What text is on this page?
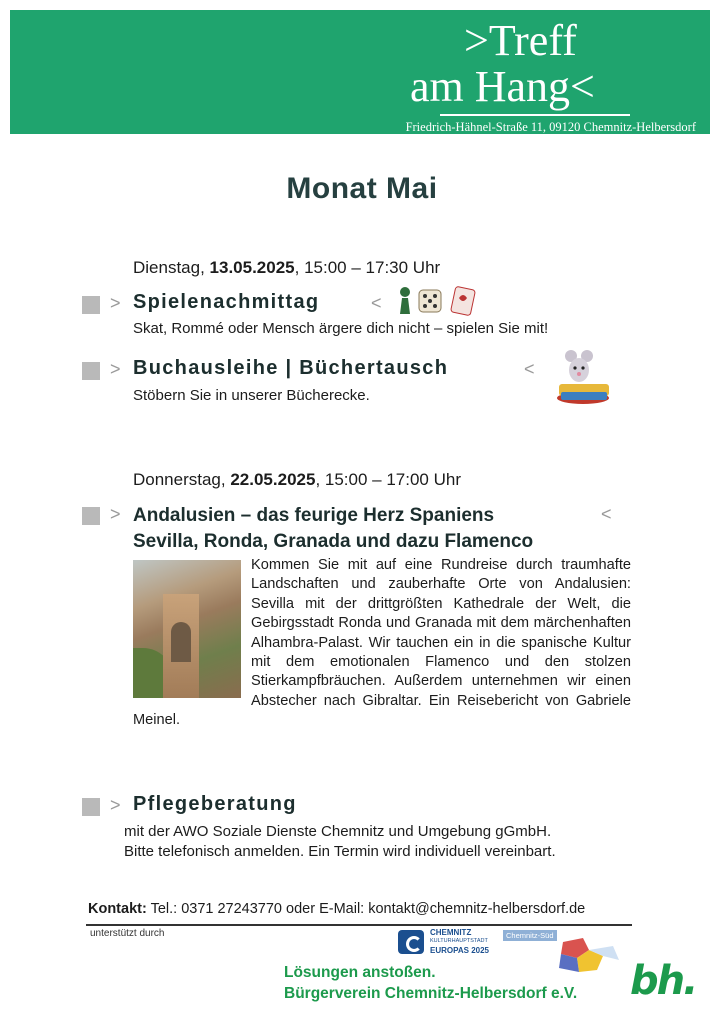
>Treff
am Hang<
Friedrich-Hähnel-Straße 11, 09120 Chemnitz-Helbersdorf
Monat Mai
Dienstag, 13.05.2025, 15:00 – 17:30 Uhr
> Spielenachmittag	<
Skat, Rommé oder Mensch ärgere dich nicht – spielen Sie mit!
> Buchausleihe | Büchertausch	<
Stöbern Sie in unserer Bücherecke.
Donnerstag, 22.05.2025, 15:00 – 17:00 Uhr
> Andalusien – das feurige Herz Spaniens	<
Sevilla, Ronda, Granada und dazu Flamenco
Kommen Sie mit auf eine Rundreise durch traumhafte Landschaften und zauberhafte Orte von Andalusien: Sevilla mit der drittgrößten Kathedrale der Welt, die Gebirgsstadt Ronda und Granada mit dem märchenhaften Alhambra-Palast. Wir tauchen ein in die spanische Kultur mit dem emotionalen Flamenco und den stolzen Stierkampfbräuchen. Außerdem unternehmen wir einen Abstecher nach Gibraltar. Ein Reisebericht von Gabriele Meinel.
> Pflegeberatung
mit der AWO Soziale Dienste Chemnitz und Umgebung gGmbH.
Bitte telefonisch anmelden. Ein Termin wird individuell vereinbart.
Kontakt: Tel.: 0371 27243770 oder E-Mail: kontakt@chemnitz-helbersdorf.de
unterstützt durch	CHEMNITZ
KULTURHAUPTSTADT
EUROPAS 2025
Chemnitz-Süd
Lösungen anstoßen.
Bürgerverein Chemnitz-Helbersdorf e.V. bh.
